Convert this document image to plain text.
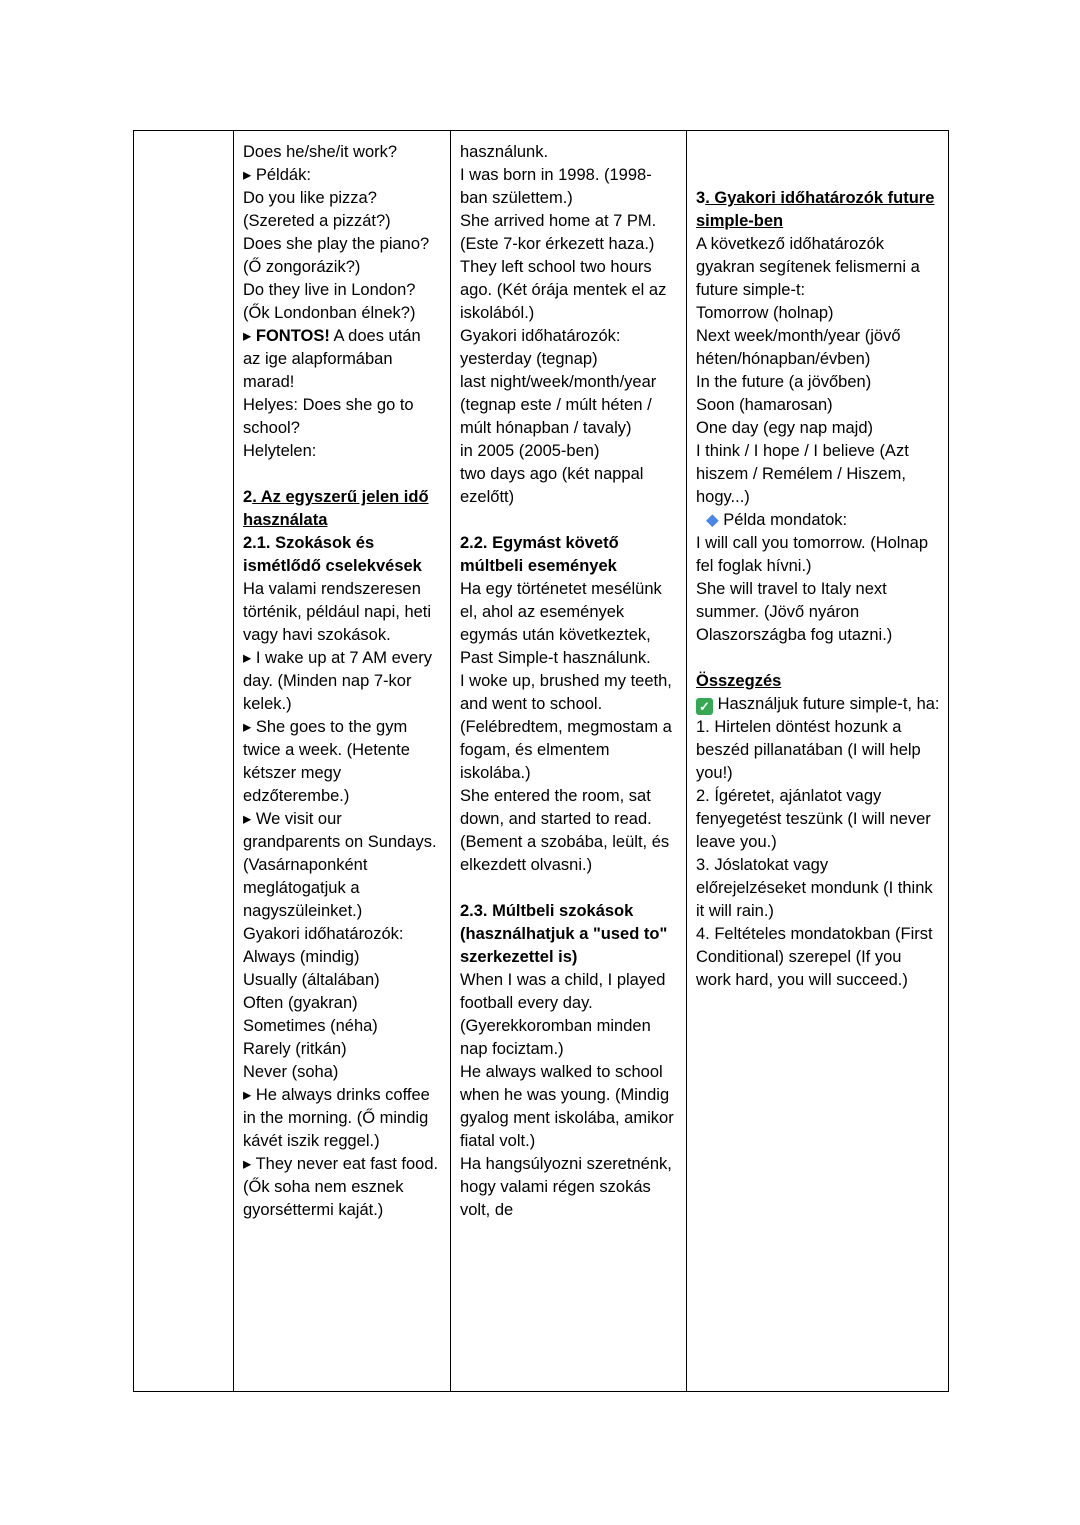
Does he/she/it work?
▸ Példák:
Do you like pizza? (Szereted a pizzát?)
Does she play the piano? (Ő zongorázik?)
Do they live in London? (Ők Londonban élnek?)
▸ FONTOS! A does után az ige alapformában marad!
Helyes: Does she go to school?
Helytelen:
2. Az egyszerű jelen idő használata
2.1. Szokások és ismétlődő cselekvések
Ha valami rendszeresen történik, például napi, heti vagy havi szokások.
▸ I wake up at 7 AM every day. (Minden nap 7-kor kelek.)
▸ She goes to the gym twice a week. (Hetente kétszer megy edzőterembe.)
▸ We visit our grandparents on Sundays. (Vasárnaponként meglátogatjuk a nagyszüleinket.)
Gyakori időhatározók:
Always (mindig)
Usually (általában)
Often (gyakran)
Sometimes (néha)
Rarely (ritkán)
Never (soha)
▸ He always drinks coffee in the morning. (Ő mindig kávét iszik reggel.)
▸ They never eat fast food. (Ők soha nem esznek gyorséttermi kaját.)
használunk.
I was born in 1998. (1998-ban születtem.)
She arrived home at 7 PM. (Este 7-kor érkezett haza.)
They left school two hours ago. (Két órája mentek el az iskolából.)
Gyakori időhatározók:
yesterday (tegnap)
last night/week/month/year (tegnap este / múlt héten / múlt hónapban / tavaly)
in 2005 (2005-ben)
two days ago (két nappal ezelőtt)
2.2. Egymást követő múltbeli események
Ha egy történetet mesélünk el, ahol az események egymás után következtek, Past Simple-t használunk.
I woke up, brushed my teeth, and went to school. (Felébredtem, megmostam a fogam, és elmentem iskolába.)
She entered the room, sat down, and started to read. (Bement a szobába, leült, és elkezdett olvasni.)
2.3. Múltbeli szokások (használhatjuk a "used to" szerkezettel is)
When I was a child, I played football every day. (Gyerekkoromban minden nap fociztam.)
He always walked to school when he was young. (Mindig gyalog ment iskolába, amikor fiatal volt.)
Ha hangsúlyozni szeretnénk, hogy valami régen szokás volt, de
3. Gyakori időhatározók future simple-ben
A következő időhatározók gyakran segítenek felismerni a future simple-t:
Tomorrow (holnap)
Next week/month/year (jövő héten/hónapban/évben)
In the future (a jövőben)
Soon (hamarosan)
One day (egy nap majd)
I think / I hope / I believe (Azt hiszem / Remélem / Hiszem, hogy...)
◆ Példa mondatok:
I will call you tomorrow. (Holnap fel foglak hívni.)
She will travel to Italy next summer. (Jövő nyáron Olaszországba fog utazni.)
Összegzés
✓ Használjuk future simple-t, ha:
1. Hirtelen döntést hozunk a beszéd pillanatában (I will help you!)
2. Ígéretet, ajánlatot vagy fenyegetést teszünk (I will never leave you.)
3. Jóslatokat vagy előrejelzéseket mondunk (I think it will rain.)
4. Feltételes mondatokban (First Conditional) szerepel (If you work hard, you will succeed.)
